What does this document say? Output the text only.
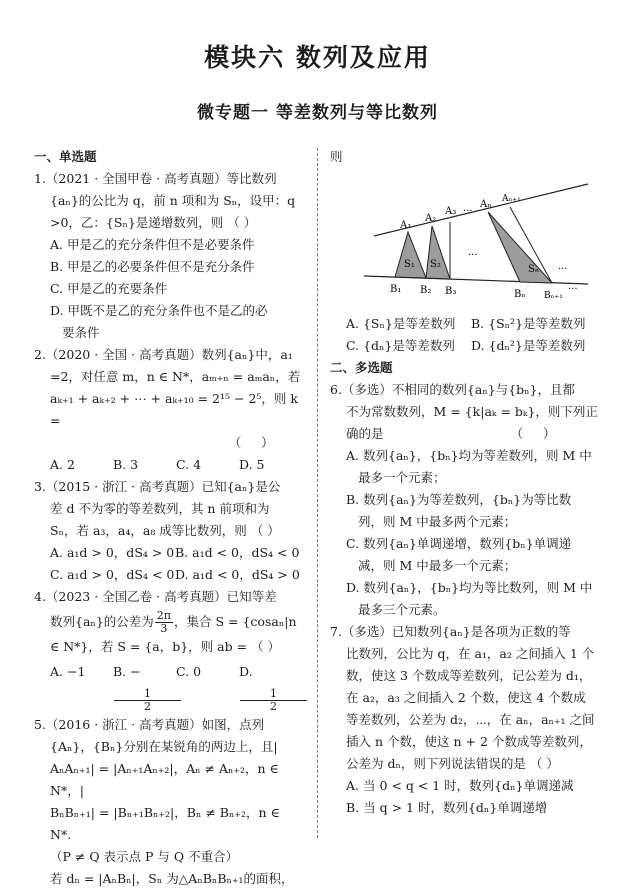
模块六 数列及应用
微专题一 等差数列与等比数列
一、单选题
1.（2021 · 全国甲卷 · 高考真题）等比数列
{aₙ}的公比为 q，前 n 项和为 Sₙ，设甲：q
>0，乙：{Sₙ}是递增数列，则 （ ）
A. 甲是乙的充分条件但不是必要条件
B. 甲是乙的必要条件但不是充分条件
C. 甲是乙的充要条件
D. 甲既不是乙的充分条件也不是乙的必
要条件
2.（2020 · 全国 · 高考真题）数列{aₙ}中，a₁
=2，对任意 m，n ∈ N*，aₘ₊ₙ = aₘaₙ，若
aₖ₊₁ + aₖ₊₂ + ⋯ + aₖ₊₁₀ = 2¹⁵ − 2⁵，则 k =
（     ）
A. 2	B. 3	C. 4	D. 5
3.（2015 · 浙江 · 高考真题）已知{aₙ}是公
差 d 不为零的等差数列，其 n 前项和为
Sₙ，若 a₃，a₄，a₈ 成等比数列，则 （ ）
A. a₁d > 0，dS₄ > 0 B. a₁d < 0，dS₄ < 0
C. a₁d > 0，dS₄ < 0 D. a₁d < 0，dS₄ > 0
4.（2023 · 全国乙卷 · 高考真题）已知等差
数列{aₙ}的公差为 $\frac{2\pi}{3}$ ，集合 S = {cosaₙ|n
∈ N*}，若 S = {a，b}，则 ab = （ ）
A. −1	B. −
$\frac{1}{2}$
C. 0	D.
$\frac{1}{2}$
5.（2016 · 浙江 · 高考真题）如图，点列
{Aₙ}，{Bₙ}分别在某锐角的两边上，且|
AₙAₙ₊₁| = |Aₙ₊₁Aₙ₊₂|，Aₙ ≠ Aₙ₊₂，n ∈ N*，|
BₙBₙ₊₁| = |Bₙ₊₁Bₙ₊₂|，Bₙ ≠ Bₙ₊₂，n ∈ N*.
（P ≠ Q 表示点 P 与 Q 不重合）
若 dₙ = |AₙBₙ|，Sₙ 为△AₙBₙBₙ₊₁的面积，
则
A₁
A₂
A₃
Aₙ Aₙ₊₁
B₁ B₂ B₃	Bₙ Bₙ₊₁
S₁ S₂	Sₙ
···
···
···
···
A. {Sₙ}是等差数列	B. {Sₙ²}是等差数列
C. {dₙ}是等差数列	D. {dₙ²}是等差数列
二、多选题
6.（多选）不相同的数列{aₙ}与{bₙ}，且都
不为常数数列，M = {k|aₖ = bₖ}，则下列正
确的是                                （     ）
A. 数列{aₙ}，{bₙ}均为等差数列，则 M 中
最多一个元素；
B. 数列{aₙ}为等差数列，{bₙ}为等比数
列，则 M 中最多两个元素；
C. 数列{aₙ}单调递增，数列{bₙ}单调递
减，则 M 中最多一个元素；
D. 数列{aₙ}，{bₙ}均为等比数列，则 M 中
最多三个元素。
7.（多选）已知数列{aₙ}是各项为正数的等
比数列，公比为 q，在 a₁，a₂ 之间插入 1 个
数，使这 3 个数成等差数列，记公差为 d₁，
在 a₂，a₃ 之间插入 2 个数，使这 4 个数成
等差数列，公差为 d₂，⋯，在 aₙ，aₙ₊₁ 之间
插入 n 个数，使这 n + 2 个数成等差数列，
公差为 dₙ，则下列说法错误的是 （ ）
A. 当 0 < q < 1 时，数列{dₙ}单调递减
B. 当 q > 1 时，数列{dₙ}单调递增
